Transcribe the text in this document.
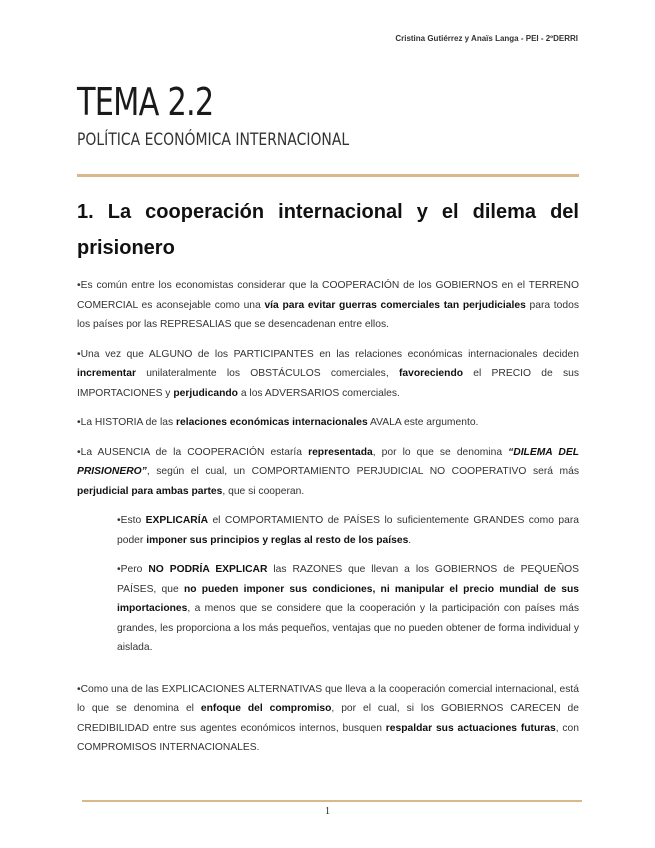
Cristina Gutiérrez y Anaïs Langa - PEI - 2ºDERRI
TEMA 2.2
POLÍTICA ECONÓMICA INTERNACIONAL
1. La cooperación internacional y el dilema del prisionero

•Es común entre los economistas considerar que la COOPERACIÓN de los GOBIERNOS en el TERRENO COMERCIAL es aconsejable como una vía para evitar guerras comerciales tan perjudiciales para todos los países por las REPRESALIAS que se desencadenan entre ellos.

•Una vez que ALGUNO de los PARTICIPANTES en las relaciones económicas internacionales deciden incrementar unilateralmente los OBSTÁCULOS comerciales, favoreciendo el PRECIO de sus IMPORTACIONES y perjudicando a los ADVERSARIOS comerciales.

•La HISTORIA de las relaciones económicas internacionales AVALA este argumento.

•La AUSENCIA de la COOPERACIÓN estaría representada, por lo que se denomina “DILEMA DEL PRISIONERO”, según el cual, un COMPORTAMIENTO PERJUDICIAL NO COOPERATIVO será más perjudicial para ambas partes, que si cooperan.

•Esto EXPLICARÍA el COMPORTAMIENTO de PAÍSES lo suficientemente GRANDES como para poder imponer sus principios y reglas al resto de los países.

•Pero NO PODRÍA EXPLICAR las RAZONES que llevan a los GOBIERNOS de PEQUEÑOS PAÍSES, que no pueden imponer sus condiciones, ni manipular el precio mundial de sus importaciones, a menos que se considere que la cooperación y la participación con países más grandes, les proporciona a los más pequeños, ventajas que no pueden obtener de forma individual y aislada.

•Como una de las EXPLICACIONES ALTERNATIVAS que lleva a la cooperación comercial internacional, está lo que se denomina el enfoque del compromiso, por el cual, si los GOBIERNOS CARECEN de CREDIBILIDAD entre sus agentes económicos internos, busquen respaldar sus actuaciones futuras, con COMPROMISOS INTERNACIONALES.

1
